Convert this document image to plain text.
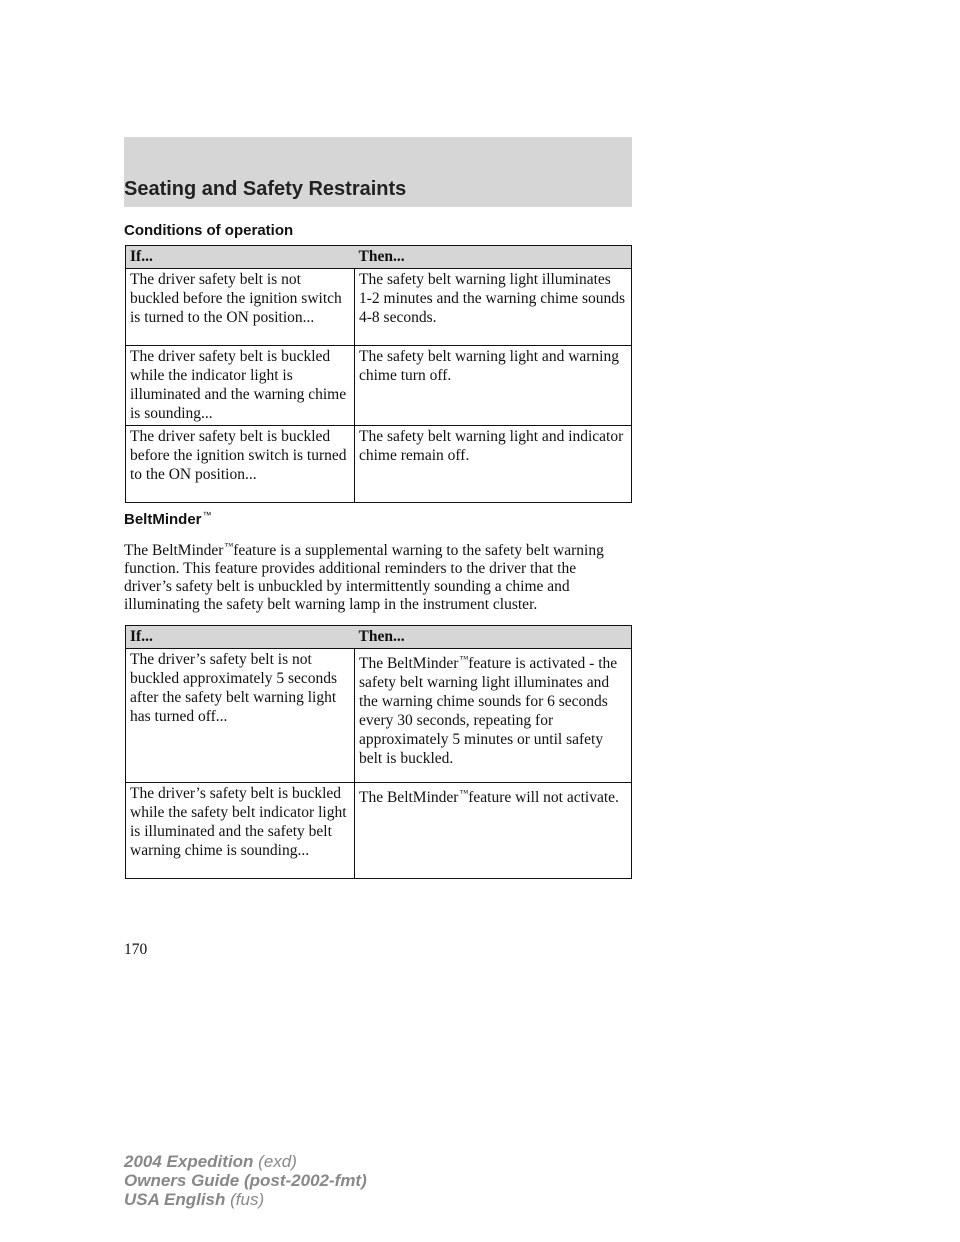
Seating and Safety Restraints
Conditions of operation
If...	Then...
The driver safety belt is not buckled before the ignition switch is turned to the ON position...	The safety belt warning light illuminates 1-2 minutes and the warning chime sounds 4-8 seconds.
The driver safety belt is buckled while the indicator light is illuminated and the warning chime is sounding...	The safety belt warning light and warning chime turn off.
The driver safety belt is buckled before the ignition switch is turned to the ON position...	The safety belt warning light and indicator chime remain off.
BeltMinder™

The BeltMinder™feature is a supplemental warning to the safety belt warning function. This feature provides additional reminders to the driver that the driver’s safety belt is unbuckled by intermittently sounding a chime and illuminating the safety belt warning lamp in the instrument cluster.

If...	Then...
The driver’s safety belt is not buckled approximately 5 seconds after the safety belt warning light has turned off...	The BeltMinder™feature is activated - the safety belt warning light illuminates and the warning chime sounds for 6 seconds every 30 seconds, repeating for approximately 5 minutes or until safety belt is buckled.
The driver’s safety belt is buckled while the safety belt indicator light is illuminated and the safety belt warning chime is sounding...	The BeltMinder™feature will not activate.
170
2004 Expedition (exd)
Owners Guide (post-2002-fmt)
USA English (fus)
